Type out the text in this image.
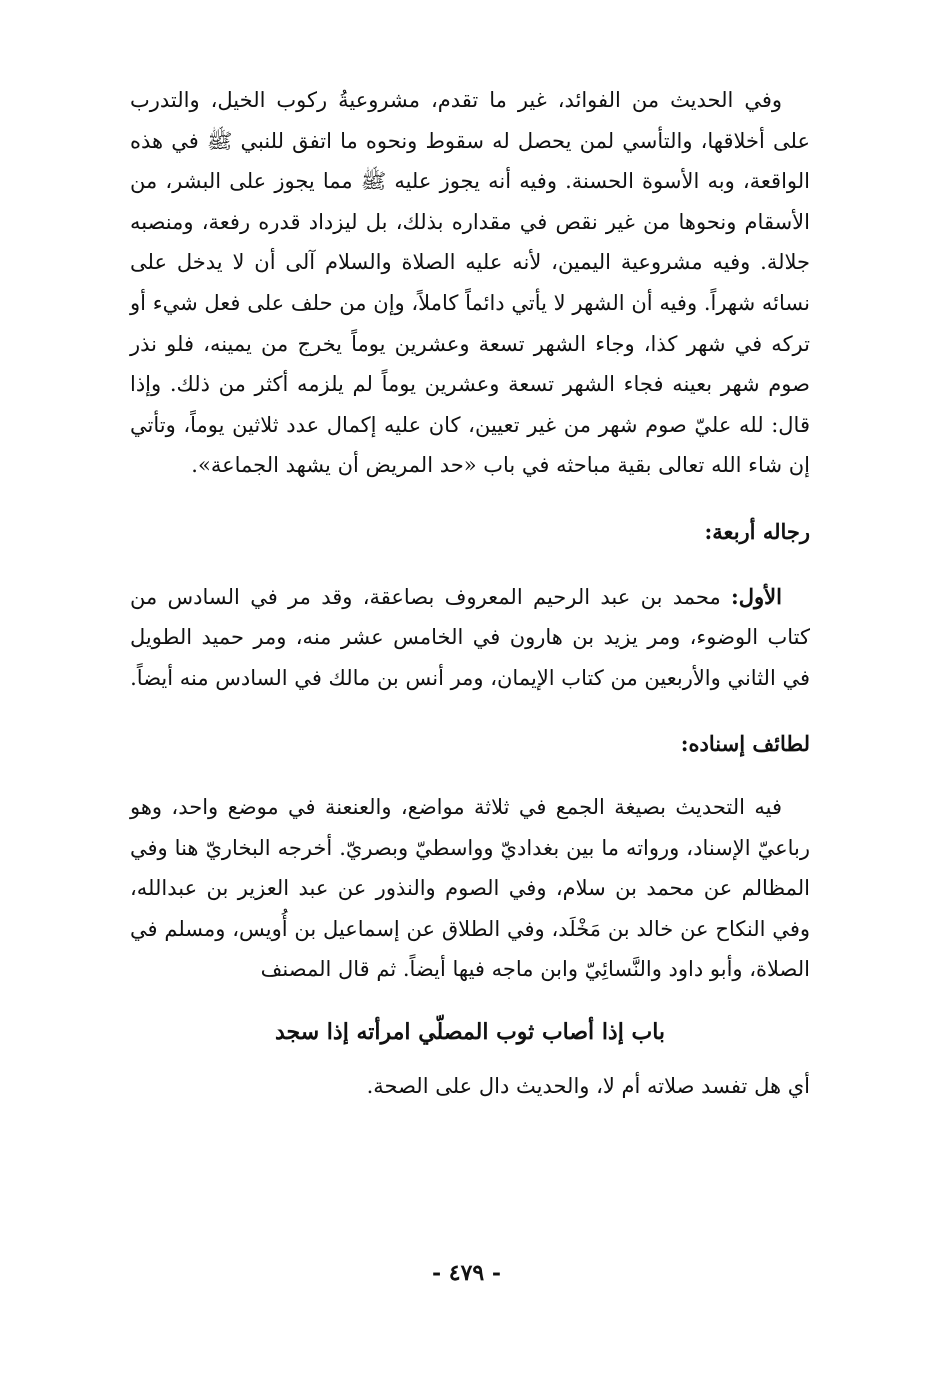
وفي الحديث من الفوائد، غير ما تقدم، مشروعيةُ ركوب الخيل، والتدرب على أخلاقها، والتأسي لمن يحصل له سقوط ونحوه ما اتفق للنبي ﷺ في هذه الواقعة، وبه الأسوة الحسنة. وفيه أنه يجوز عليه ﷺ مما يجوز على البشر، من الأسقام ونحوها من غير نقص في مقداره بذلك، بل ليزداد قدره رفعة، ومنصبه جلالة. وفيه مشروعية اليمين، لأنه عليه الصلاة والسلام آلى أن لا يدخل على نسائه شهراً. وفيه أن الشهر لا يأتي دائماً كاملاً، وإن من حلف على فعل شيء أو تركه في شهر كذا، وجاء الشهر تسعة وعشرين يوماً يخرج من يمينه، فلو نذر صوم شهر بعينه فجاء الشهر تسعة وعشرين يوماً لم يلزمه أكثر من ذلك. وإذا قال: لله عليّ صوم شهر من غير تعيين، كان عليه إكمال عدد ثلاثين يوماً، وتأتي إن شاء الله تعالى بقية مباحثه في باب «حد المريض أن يشهد الجماعة».

رجاله أربعة:

الأول: محمد بن عبد الرحيم المعروف بصاعقة، وقد مر في السادس من كتاب الوضوء، ومر يزيد بن هارون في الخامس عشر منه، ومر حميد الطويل في الثاني والأربعين من كتاب الإيمان، ومر أنس بن مالك في السادس منه أيضاً.

لطائف إسناده:

فيه التحديث بصيغة الجمع في ثلاثة مواضع، والعنعنة في موضع واحد، وهو رباعيّ الإسناد، ورواته ما بين بغداديّ وواسطيّ وبصريّ. أخرجه البخاريّ هنا وفي المظالم عن محمد بن سلام، وفي الصوم والنذور عن عبد العزير بن عبدالله، وفي النكاح عن خالد بن مَخْلَد، وفي الطلاق عن إسماعيل بن أُويس، ومسلم في الصلاة، وأبو داود والنَّسائِيّ وابن ماجه فيها أيضاً. ثم قال المصنف

باب إذا أصاب ثوب المصلّي امرأته إذا سجد

أي هل تفسد صلاته أم لا، والحديث دال على الصحة.

- ٤٧٩ -
